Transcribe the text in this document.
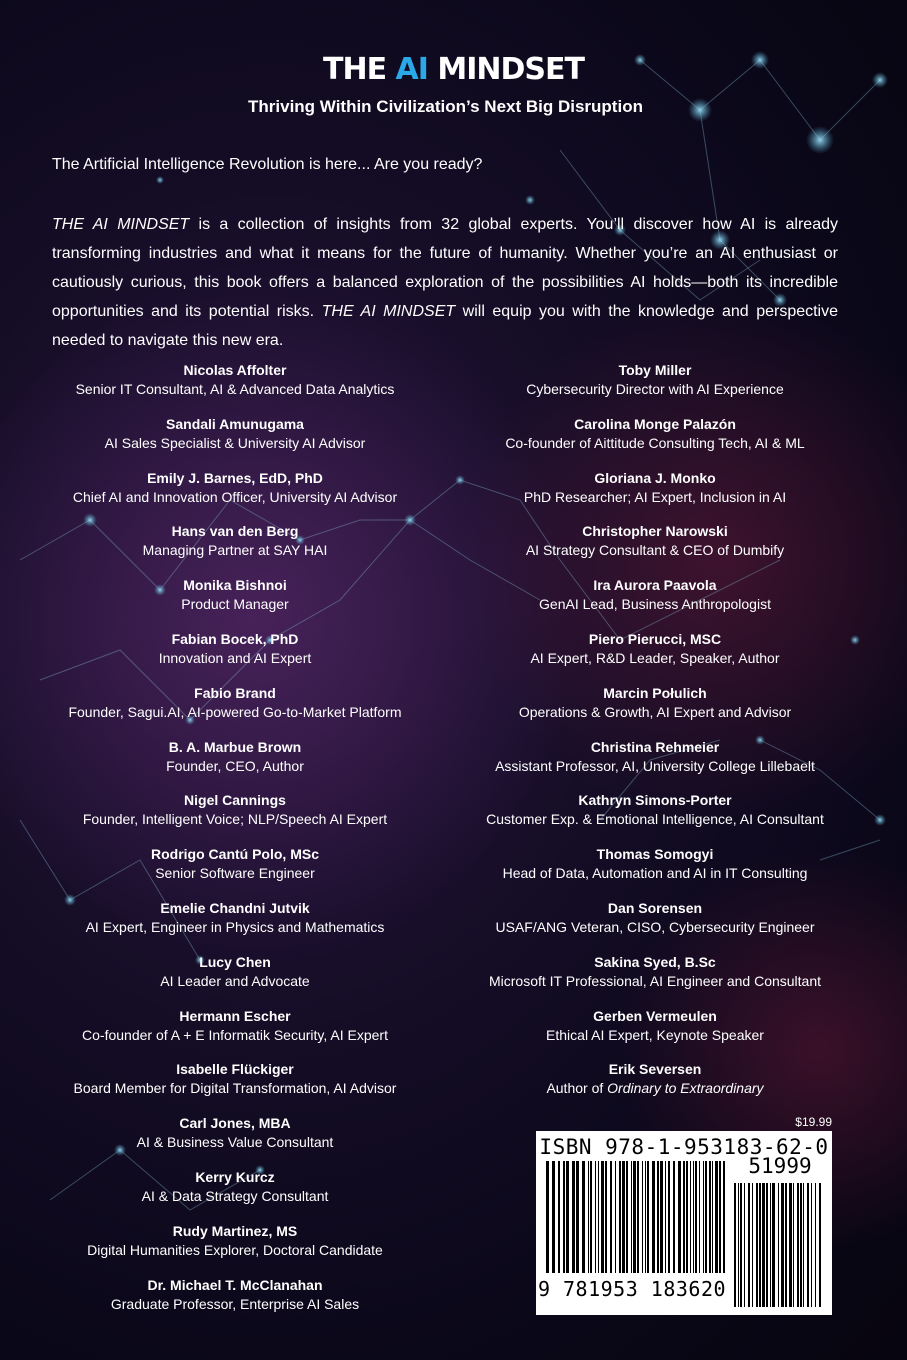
THE AI MINDSET
Thriving Within Civilization’s Next Big Disruption
The Artificial Intelligence Revolution is here... Are you ready?
THE AI MINDSET is a collection of insights from 32 global experts. You’ll discover how AI is already transforming industries and what it means for the future of humanity. Whether you’re an AI enthusiast or cautiously curious, this book offers a balanced exploration of the possibilities AI holds—both its incredible opportunities and its potential risks. THE AI MINDSET will equip you with the knowledge and perspective needed to navigate this new era.
Nicolas Affolter
Senior IT Consultant, AI & Advanced Data Analytics
Sandali Amunugama
AI Sales Specialist & University AI Advisor
Emily J. Barnes, EdD, PhD
Chief AI and Innovation Officer, University AI Advisor
Hans van den Berg
Managing Partner at SAY HAI
Monika Bishnoi
Product Manager
Fabian Bocek, PhD
Innovation and AI Expert
Fabio Brand
Founder, Sagui.AI, AI-powered Go-to-Market Platform
B. A. Marbue Brown
Founder, CEO, Author
Nigel Cannings
Founder, Intelligent Voice; NLP/Speech AI Expert
Rodrigo Cantú Polo, MSc
Senior Software Engineer
Emelie Chandni Jutvik
AI Expert, Engineer in Physics and Mathematics
Lucy Chen
AI Leader and Advocate
Hermann Escher
Co-founder of A + E Informatik Security, AI Expert
Isabelle Flückiger
Board Member for Digital Transformation, AI Advisor
Carl Jones, MBA
AI & Business Value Consultant
Kerry Kurcz
AI & Data Strategy Consultant
Rudy Martinez, MS
Digital Humanities Explorer, Doctoral Candidate
Dr. Michael T. McClanahan
Graduate Professor, Enterprise AI Sales
Toby Miller
Cybersecurity Director with AI Experience
Carolina Monge Palazón
Co-founder of Aittitude Consulting Tech, AI & ML
Gloriana J. Monko
PhD Researcher; AI Expert, Inclusion in AI
Christopher Narowski
AI Strategy Consultant & CEO of Dumbify
Ira Aurora Paavola
GenAI Lead, Business Anthropologist
Piero Pierucci, MSC
AI Expert, R&D Leader, Speaker, Author
Marcin Połulich
Operations & Growth, AI Expert and Advisor
Christina Rehmeier
Assistant Professor, AI, University College Lillebaelt
Kathryn Simons-Porter
Customer Exp. & Emotional Intelligence, AI Consultant
Thomas Somogyi
Head of Data, Automation and AI in IT Consulting
Dan Sorensen
USAF/ANG Veteran, CISO, Cybersecurity Engineer
Sakina Syed, B.Sc
Microsoft IT Professional, AI Engineer and Consultant
Gerben Vermeulen
Ethical AI Expert, Keynote Speaker
Erik Seversen
Author of Ordinary to Extraordinary
$19.99
ISBN 978-1-953183-62-0
51999
9 781953 183620
